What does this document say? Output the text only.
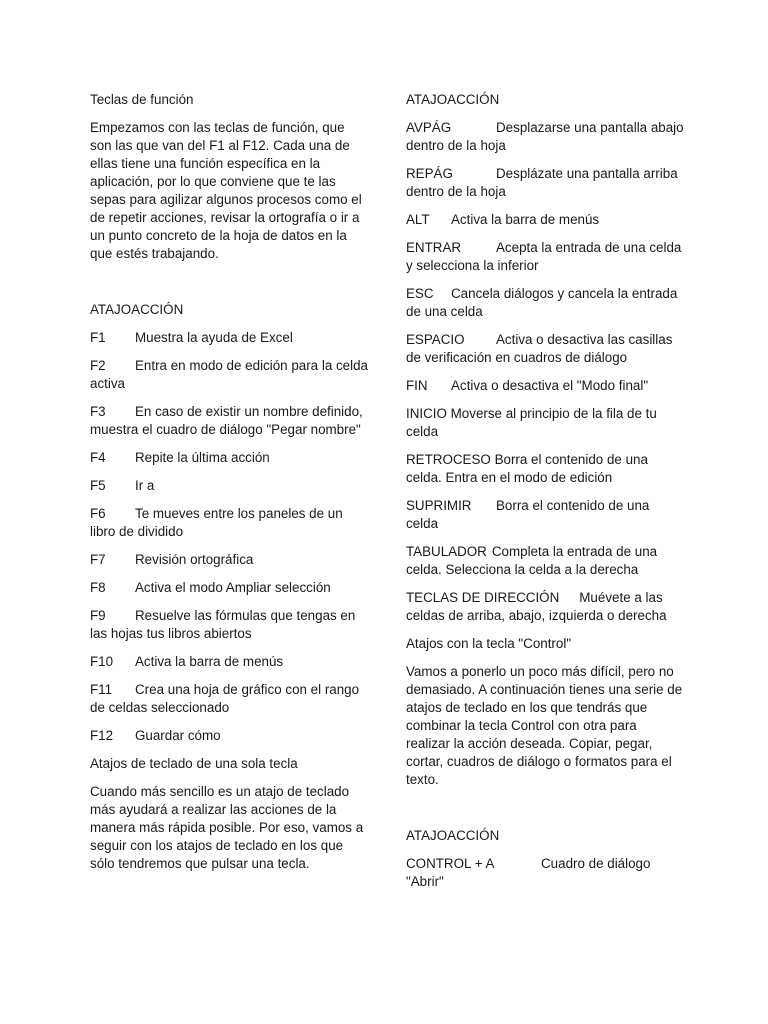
Teclas de función

Empezamos con las teclas de función, que son las que van del F1 al F12. Cada una de ellas tiene una función específica en la aplicación, por lo que conviene que te las sepas para agilizar algunos procesos como el de repetir acciones, revisar la ortografía o ir a un punto concreto de la hoja de datos en la que estés trabajando.

ATAJOACCIÓN

F1 Muestra la ayuda de Excel

F2 Entra en modo de edición para la celda activa

F3 En caso de existir un nombre definido, muestra el cuadro de diálogo "Pegar nombre"

F4 Repite la última acción

F5 Ir a

F6 Te mueves entre los paneles de un libro de dividido

F7 Revisión ortográfica

F8 Activa el modo Ampliar selección

F9 Resuelve las fórmulas que tengas en las hojas tus libros abiertos

F10 Activa la barra de menús

F11 Crea una hoja de gráfico con el rango de celdas seleccionado

F12 Guardar cómo

Atajos de teclado de una sola tecla

Cuando más sencillo es un atajo de teclado más ayudará a realizar las acciones de la manera más rápida posible. Por eso, vamos a seguir con los atajos de teclado en los que sólo tendremos que pulsar una tecla.

ATAJOACCIÓN

AVPÁG	Desplazarse una pantalla abajo dentro de la hoja

REPÁG	Desplázate una pantalla arriba dentro de la hoja

ALT Activa la barra de menús

ENTRAR	Acepta la entrada de una celda y selecciona la inferior

ESC Cancela diálogos y cancela la entrada de una celda

ESPACIO Activa o desactiva las casillas de verificación en cuadros de diálogo

FIN Activa o desactiva el "Modo final"

INICIO Moverse al principio de la fila de tu celda

RETROCESO Borra el contenido de una celda. Entra en el modo de edición

SUPRIMIR Borra el contenido de una celda

TABULADOR Completa la entrada de una celda. Selecciona la celda a la derecha

TECLAS DE DIRECCIÓN Muévete a las celdas de arriba, abajo, izquierda o derecha

Atajos con la tecla "Control"

Vamos a ponerlo un poco más difícil, pero no demasiado. A continuación tienes una serie de atajos de teclado en los que tendrás que combinar la tecla Control con otra para realizar la acción deseada. Copiar, pegar, cortar, cuadros de diálogo o formatos para el texto.

ATAJOACCIÓN

CONTROL + A	Cuadro de diálogo "Abrir"
